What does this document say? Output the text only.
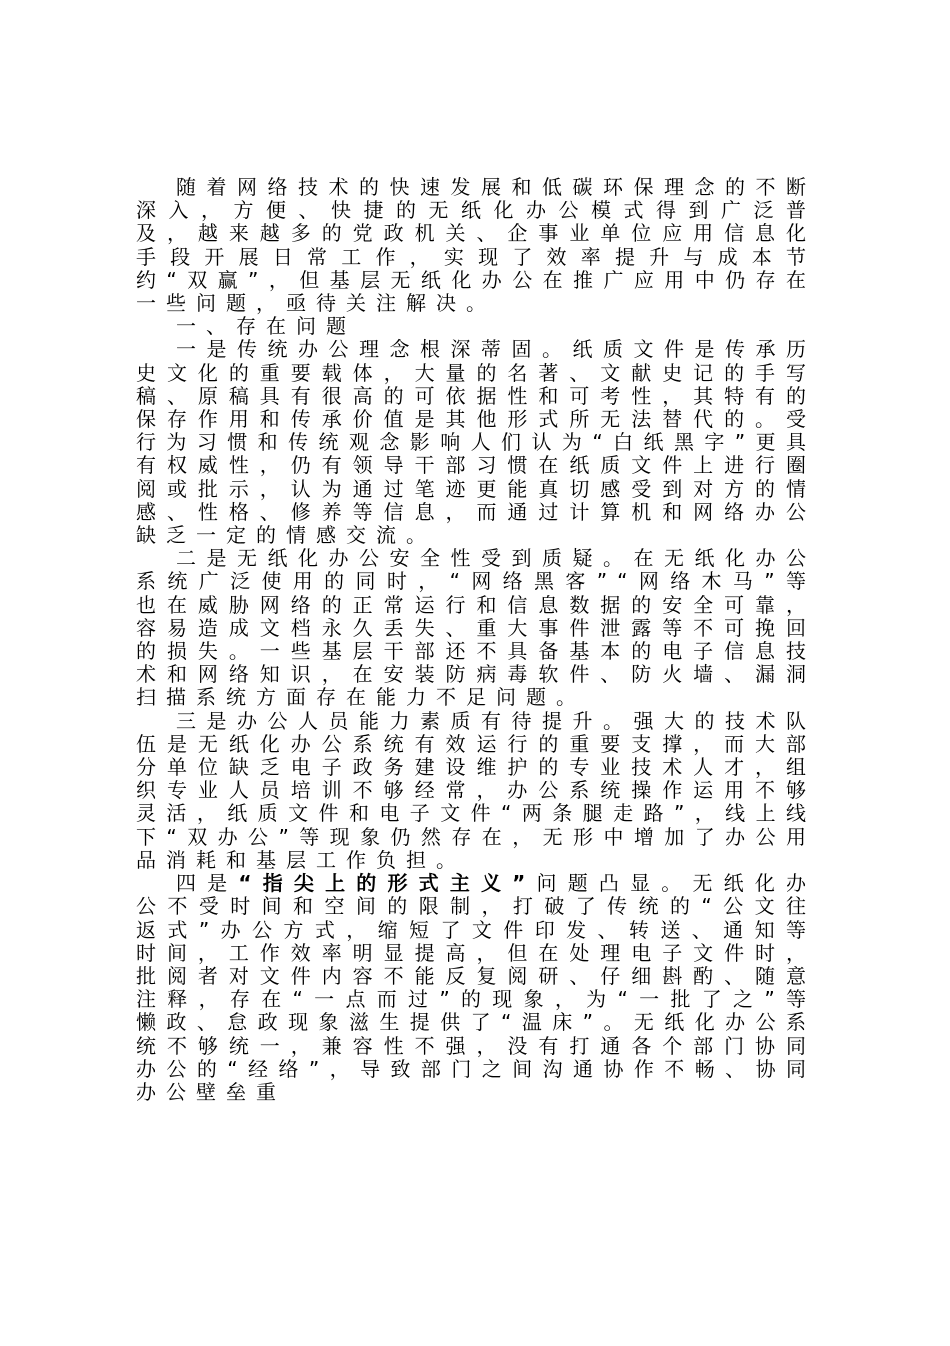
随着网络技术的快速发展和低碳环保理念的不断深入，方便、快捷的无纸化办公模式得到广泛普及，越来越多的党政机关、企事业单位应用信息化手段开展日常工作，实现了效率提升与成本节约“双赢”，但基层无纸化办公在推广应用中仍存在一些问题，亟待关注解决。

一、存在问题

一是传统办公理念根深蒂固。纸质文件是传承历史文化的重要载体，大量的名著、文献史记的手写稿、原稿具有很高的可依据性和可考性，其特有的保存作用和传承价值是其他形式所无法替代的。受行为习惯和传统观念影响人们认为“白纸黑字”更具有权威性，仍有领导干部习惯在纸质文件上进行圈阅或批示，认为通过笔迹更能真切感受到对方的情感、性格、修养等信息，而通过计算机和网络办公缺乏一定的情感交流。

二是无纸化办公安全性受到质疑。在无纸化办公系统广泛使用的同时，“网络黑客”“网络木马”等也在威胁网络的正常运行和信息数据的安全可靠，容易造成文档永久丢失、重大事件泄露等不可挽回的损失。一些基层干部还不具备基本的电子信息技术和网络知识，在安装防病毒软件、防火墙、漏洞扫描系统方面存在能力不足问题。

三是办公人员能力素质有待提升。强大的技术队伍是无纸化办公系统有效运行的重要支撑，而大部分单位缺乏电子政务建设维护的专业技术人才，组织专业人员培训不够经常，办公系统操作运用不够灵活，纸质文件和电子文件“两条腿走路”，线上线下“双办公”等现象仍然存在，无形中增加了办公用品消耗和基层工作负担。

四是“指尖上的形式主义”问题凸显。无纸化办公不受时间和空间的限制，打破了传统的“公文往返式”办公方式，缩短了文件印发、转送、通知等时间，工作效率明显提高，但在处理电子文件时，批阅者对文件内容不能反复阅研、仔细斟酌、随意注释，存在“一点而过”的现象，为“一批了之”等懒政、怠政现象滋生提供了“温床”。无纸化办公系统不够统一，兼容性不强，没有打通各个部门协同办公的“经络”，导致部门之间沟通协作不畅、协同办公壁垒重
